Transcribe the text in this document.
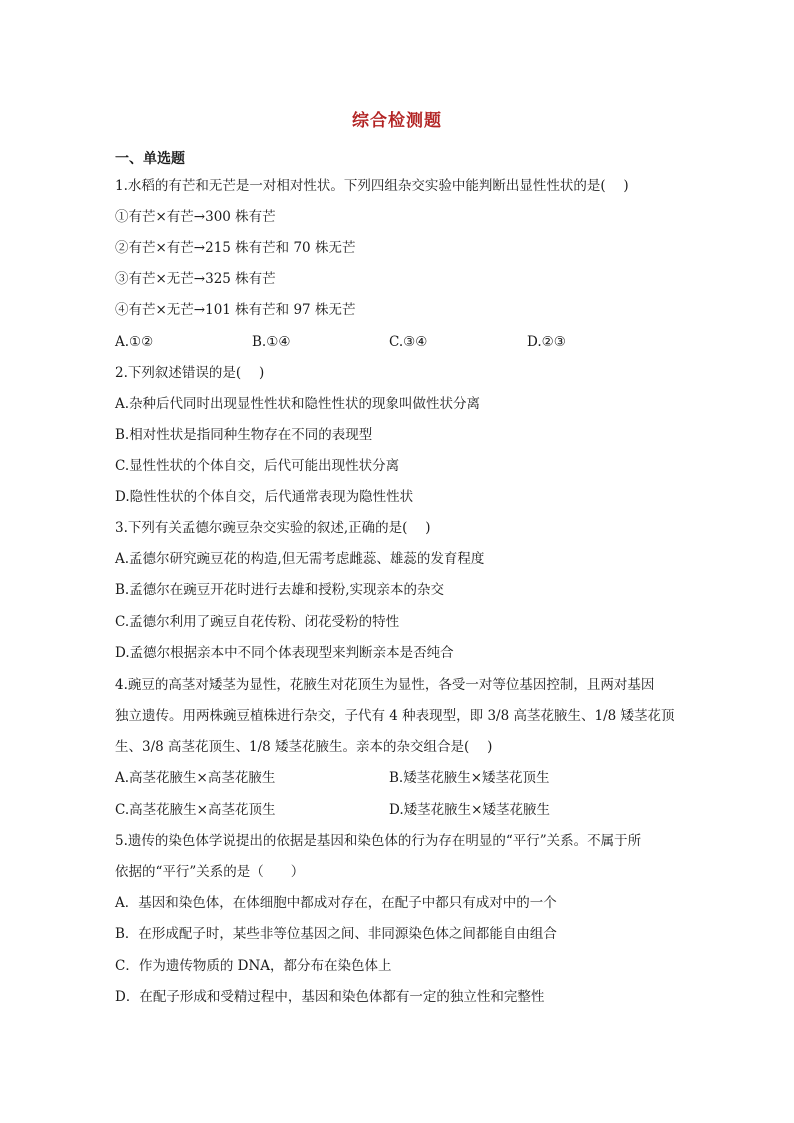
综合检测题
一、单选题
1.水稻的有芒和无芒是一对相对性状。下列四组杂交实验中能判断出显性性状的是(　 )
①有芒×有芒→300 株有芒
②有芒×有芒→215 株有芒和 70 株无芒
③有芒×无芒→325 株有芒
④有芒×无芒→101 株有芒和 97 株无芒
A.①②	B.①④	C.③④	D.②③
2.下列叙述错误的是(　 )
A.杂种后代同时出现显性性状和隐性性状的现象叫做性状分离
B.相对性状是指同种生物存在不同的表现型
C.显性性状的个体自交，后代可能出现性状分离
D.隐性性状的个体自交，后代通常表现为隐性性状
3.下列有关孟德尔豌豆杂交实验的叙述,正确的是(　 )
A.孟德尔研究豌豆花的构造,但无需考虑雌蕊、雄蕊的发育程度
B.孟德尔在豌豆开花时进行去雄和授粉,实现亲本的杂交
C.孟德尔利用了豌豆自花传粉、闭花受粉的特性
D.孟德尔根据亲本中不同个体表现型来判断亲本是否纯合
4.豌豆的高茎对矮茎为显性，花腋生对花顶生为显性，各受一对等位基因控制，且两对基因
独立遗传。用两株豌豆植株进行杂交，子代有 4 种表现型，即 3/8 高茎花腋生、1/8 矮茎花顶
生、3/8 高茎花顶生、1/8 矮茎花腋生。亲本的杂交组合是(　 )
A.高茎花腋生×高茎花腋生	B.矮茎花腋生×矮茎花顶生
C.高茎花腋生×高茎花顶生	D.矮茎花腋生×矮茎花腋生
5.遗传的染色体学说提出的依据是基因和染色体的行为存在明显的“平行”关系。不属于所
依据的“平行”关系的是（　　）
A．基因和染色体，在体细胞中都成对存在，在配子中都只有成对中的一个
B．在形成配子时，某些非等位基因之间、非同源染色体之间都能自由组合
C．作为遗传物质的 DNA，都分布在染色体上
D．在配子形成和受精过程中，基因和染色体都有一定的独立性和完整性
